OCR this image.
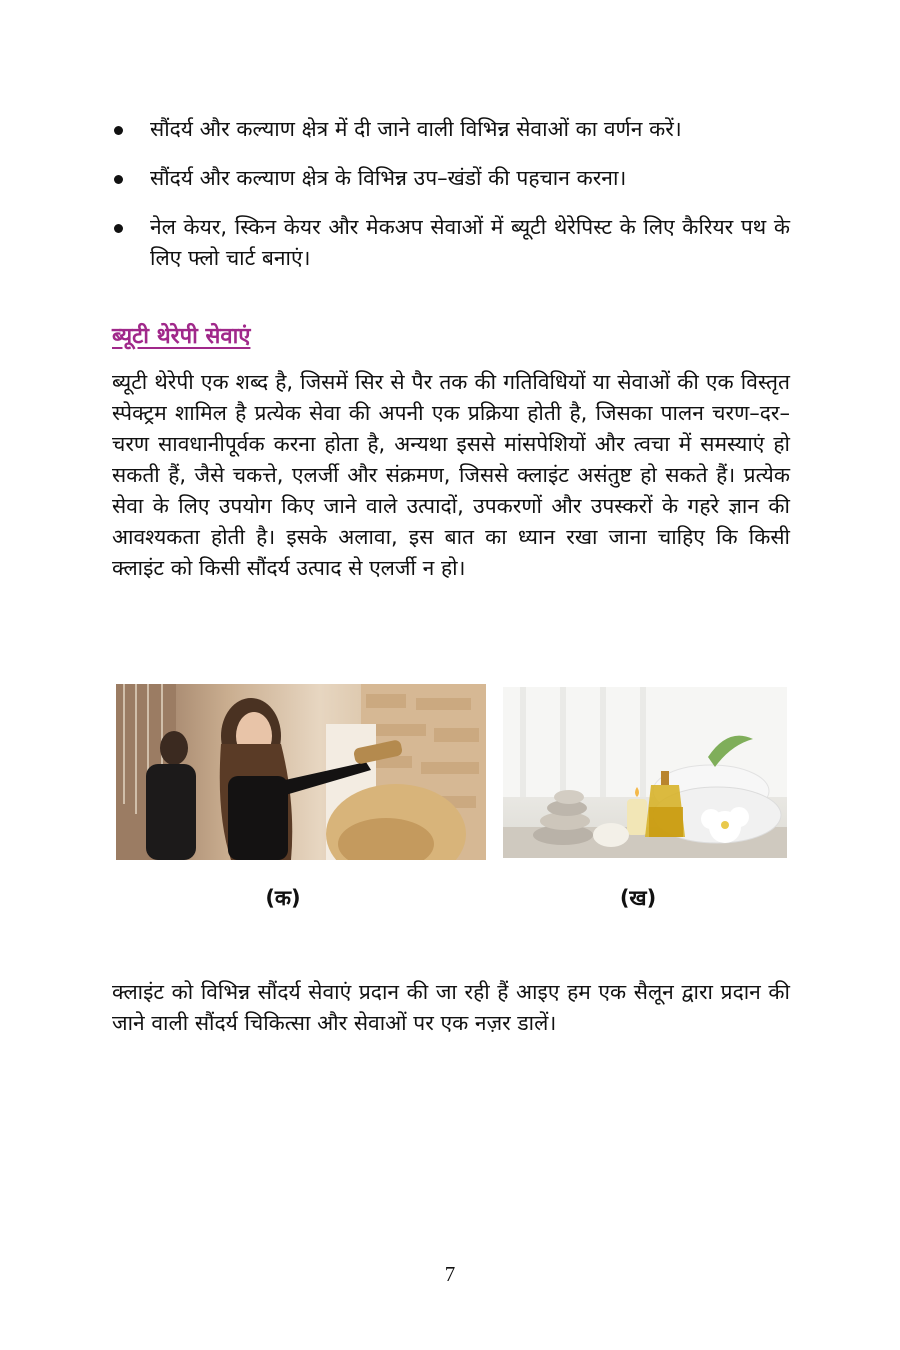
सौंदर्य और कल्याण क्षेत्र में दी जाने वाली विभिन्न सेवाओं का वर्णन करें।
सौंदर्य और कल्याण क्षेत्र के विभिन्न उप–खंडों की पहचान करना।
नेल केयर, स्किन केयर और मेकअप सेवाओं में ब्यूटी थेरेपिस्ट के लिए कैरियर पथ के लिए फ्लो चार्ट बनाएं।
ब्यूटी थेरेपी सेवाएं

ब्यूटी थेरेपी एक शब्द है, जिसमें सिर से पैर तक की गतिविधियों या सेवाओं की एक विस्तृत स्पेक्ट्रम शामिल है प्रत्येक सेवा की अपनी एक प्रक्रिया होती है, जिसका पालन चरण–दर–चरण सावधानीपूर्वक करना होता है, अन्यथा इससे मांसपेशियों और त्वचा में समस्याएं हो सकती हैं, जैसे चकत्ते, एलर्जी और संक्रमण, जिससे क्लाइंट असंतुष्ट हो सकते हैं। प्रत्येक सेवा के लिए उपयोग किए जाने वाले उत्पादों, उपकरणों और उपस्करों के गहरे ज्ञान की आवश्यकता होती है। इसके अलावा, इस बात का ध्यान रखा जाना चाहिए कि किसी क्लाइंट को किसी सौंदर्य उत्पाद से एलर्जी न हो।

(क)	(ख)

क्लाइंट को विभिन्न सौंदर्य सेवाएं प्रदान की जा रही हैं आइए हम एक सैलून द्वारा प्रदान की जाने वाली सौंदर्य चिकित्सा और सेवाओं पर एक नज़र डालें।

7
